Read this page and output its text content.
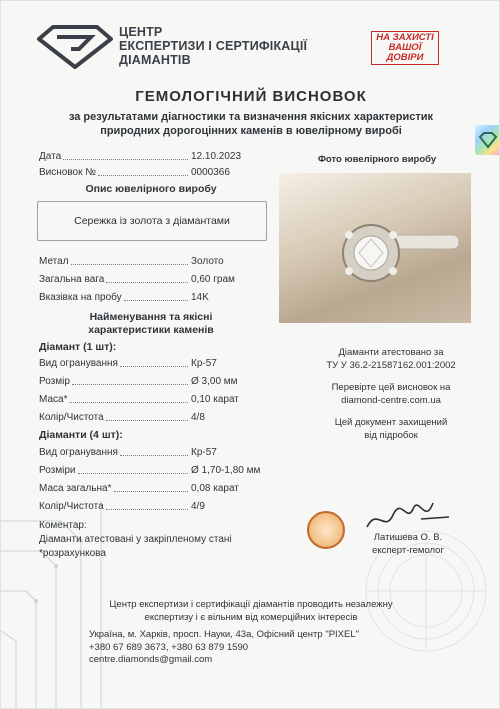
ЦЕНТР
ЕКСПЕРТИЗИ І СЕРТИФІКАЦІЇ
ДІАМАНТІВ
НА ЗАХИСТІ
ВАШОЇ
ДОВІРИ
ГЕМОЛОГІЧНИЙ ВИСНОВОК
за результатами діагностики та визначення якісних характеристик
природних дорогоцінних каменів в ювелірному виробі
Дата	12.10.2023
Висновок №	0000366
Опис ювелірного виробу
Сережка із золота з діамантами
Метал	Золото
Загальна вага	0,60 грам
Вказівка на пробу	14K
Найменування та якісні
характеристики каменів
Діамант (1 шт):
Вид огранування	Кр-57
Розмір	Ø 3,00 мм
Маса*	0,10 карат
Колір/Чистота	4/8
Діаманти (4 шт):
Вид огранування	Кр-57
Розміри	Ø 1,70-1,80 мм
Маса загальна*	0,08 карат
Колір/Чистота	4/9
Коментар:
Діаманти атестовані у закріпленому стані
*розрахункова
Фото ювелірного виробу
Діаманти атестовано за
ТУ У 36.2-21587162.001:2002
Перевірте цей висновок на
diamond-centre.com.ua
Цей документ захищений
від підробок
Латишева О. В.
експерт-гемолог
Центр експертизи і сертифікації діамантів проводить незалежну
експертизу і є вільним від комерційних інтересів
Україна, м. Харків, просп. Науки, 43а, Офісний центр "PIXEL"
+380 67 689 3673, +380 63 879 1590
centre.diamonds@gmail.com
